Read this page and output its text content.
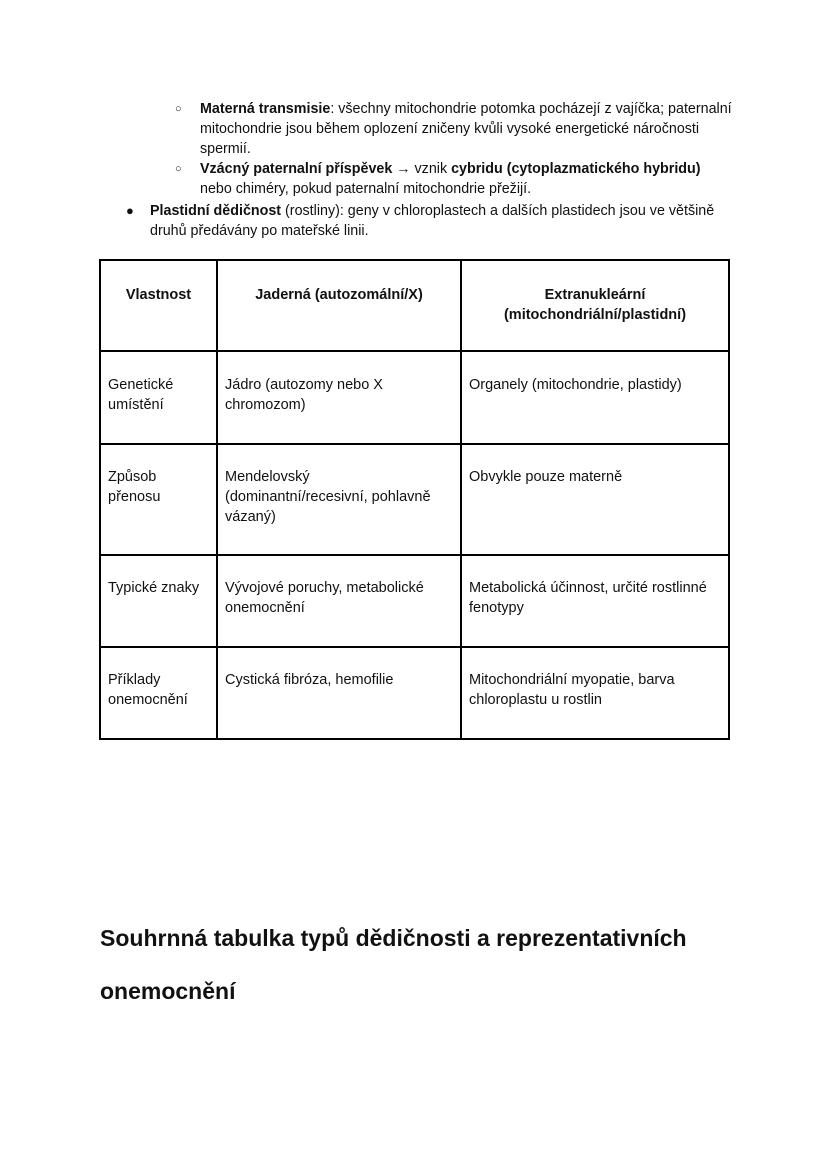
○ Materná transmisie: všechny mitochondrie potomka pocházejí z vajíčka; paternalní mitochondrie jsou během oplození zničeny kvůli vysoké energetické náročnosti spermií.
○ Vzácný paternalní příspěvek → vznik cybridu (cytoplazmatického hybridu) nebo chiméry, pokud paternalní mitochondrie přežijí.
● Plastidní dědičnost (rostliny): geny v chloroplastech a dalších plastidech jsou ve většině druhů předávány po mateřské linii.
Vlastnost	Jaderná (autozomální/X)	Extranukleární (mitochondriální/plastidní)
Genetické umístění	Jádro (autozomy nebo X chromozom)	Organely (mitochondrie, plastidy)
Způsob přenosu	Mendelovský (dominantní/recesivní, pohlavně vázaný)	Obvykle pouze materně
Typické znaky	Vývojové poruchy, metabolické onemocnění	Metabolická účinnost, určité rostlinné fenotypy
Příklady onemocnění	Cystická fibróza, hemofilie	Mitochondriální myopatie, barva chloroplastu u rostlin
Souhrnná tabulka typů dědičnosti a reprezentativních onemocnění
